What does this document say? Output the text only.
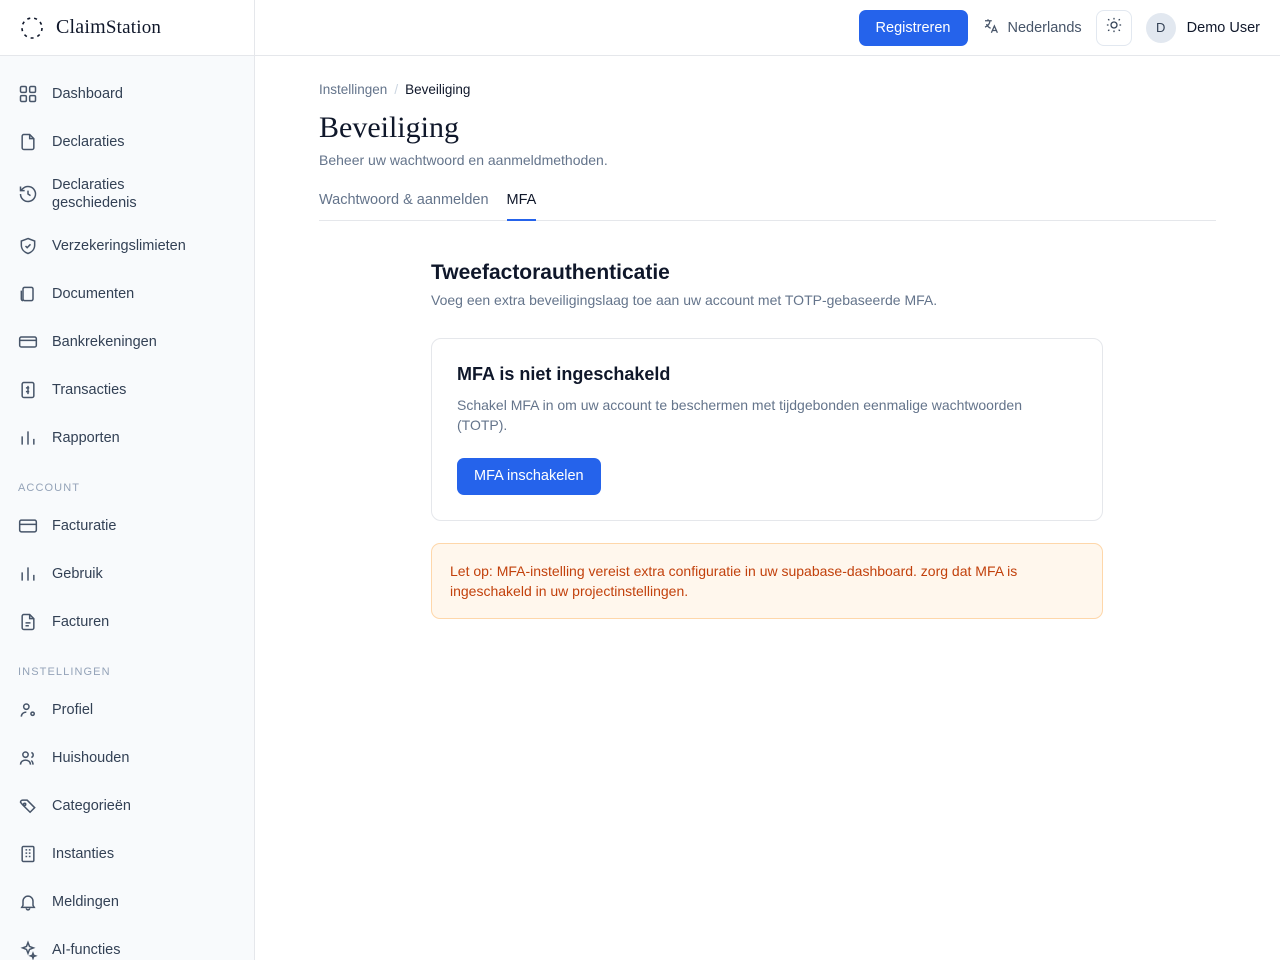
ClaimStation
Dashboard
Declaraties
Declaraties geschiedenis
Verzekeringslimieten
Documenten
Bankrekeningen
Transacties
Rapporten
ACCOUNT
Facturatie
Gebruik
Facturen
INSTELLINGEN
Profiel
Huishouden
Categorieën
Instanties
Meldingen
AI-functies
Registreren	Nederlands	D	Demo User
Instellingen / Beveiliging
Beveiliging
Beheer uw wachtwoord en aanmeldmethoden.
Wachtwoord & aanmelden MFA
Tweefactorauthenticatie
Voeg een extra beveiligingslaag toe aan uw account met TOTP-gebaseerde MFA.
MFA is niet ingeschakeld
Schakel MFA in om uw account te beschermen met tijdgebonden eenmalige wachtwoorden (TOTP).
MFA inschakelen
Let op: MFA-instelling vereist extra configuratie in uw supabase-dashboard. zorg dat MFA is ingeschakeld in uw projectinstellingen.
